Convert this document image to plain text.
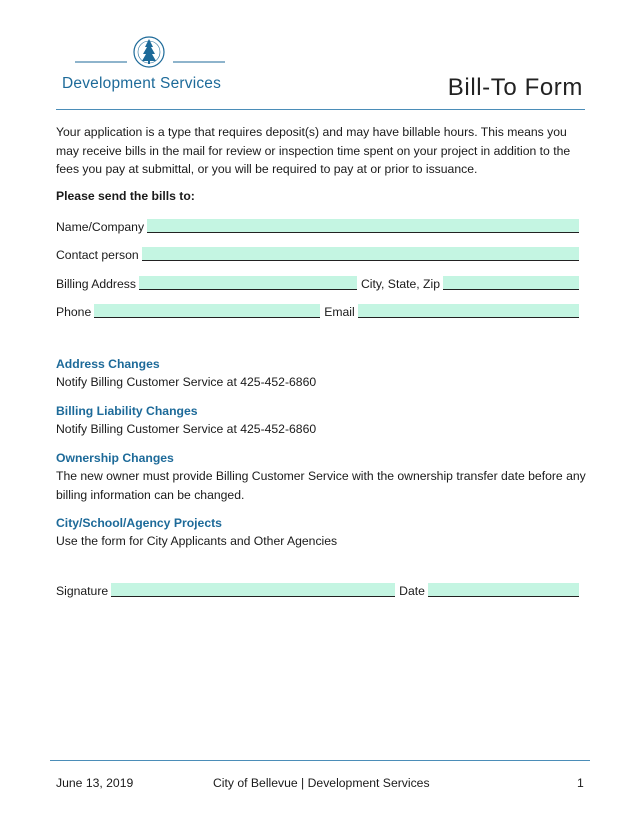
Development Services	Bill-To Form
Your application is a type that requires deposit(s) and may have billable hours. This means you may receive bills in the mail for review or inspection time spent on your project in addition to the fees you pay at submittal, or you will be required to pay at or prior to issuance.
Please send the bills to:
Name/Company
Contact person
Billing Address	City, State, Zip
Phone	Email
Address Changes
Notify Billing Customer Service at 425-452-6860
Billing Liability Changes
Notify Billing Customer Service at 425-452-6860
Ownership Changes
The new owner must provide Billing Customer Service with the ownership transfer date before any billing information can be changed.
City/School/Agency Projects
Use the form for City Applicants and Other Agencies
Signature	Date
June 13, 2019	City of Bellevue | Development Services	1
